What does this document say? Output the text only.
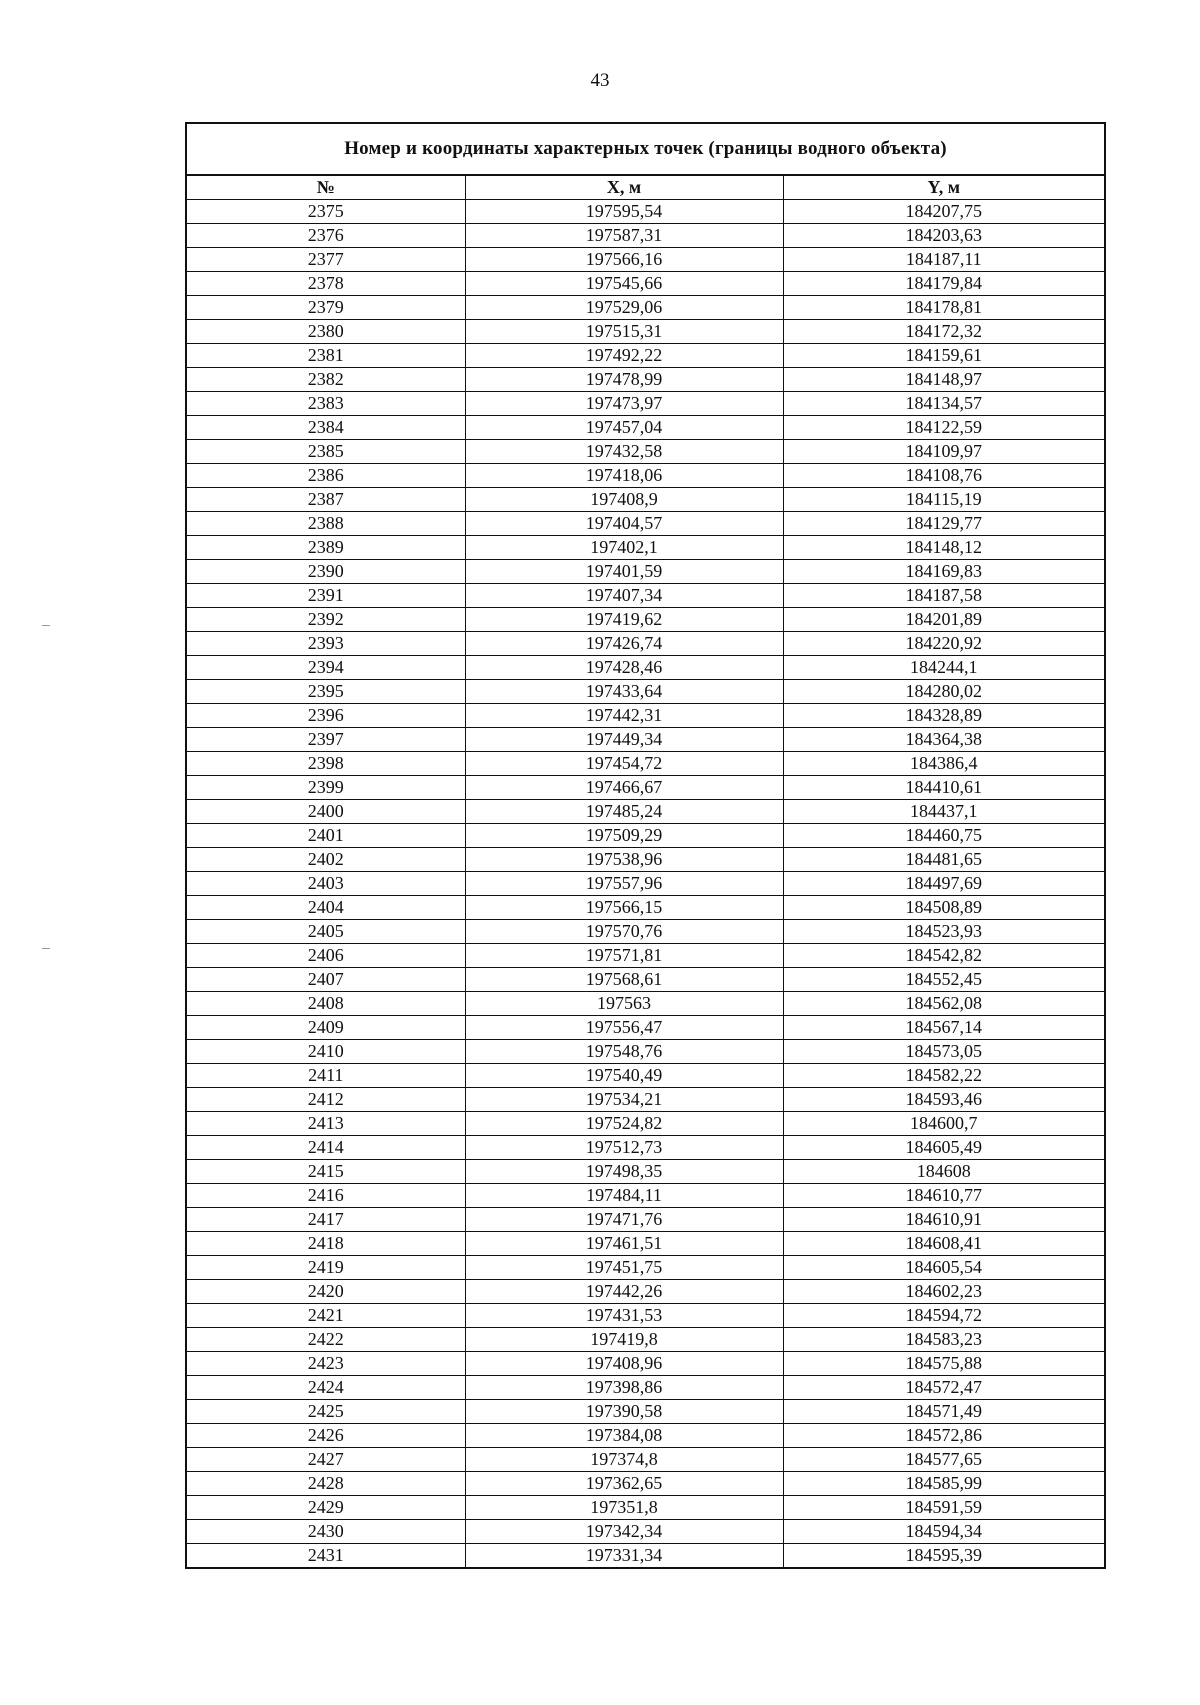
43
Номер и координаты характерных точек (границы водного объекта)
№	X, м	Y, м
2375	197595,54	184207,75
2376	197587,31	184203,63
2377	197566,16	184187,11
2378	197545,66	184179,84
2379	197529,06	184178,81
2380	197515,31	184172,32
2381	197492,22	184159,61
2382	197478,99	184148,97
2383	197473,97	184134,57
2384	197457,04	184122,59
2385	197432,58	184109,97
2386	197418,06	184108,76
2387	197408,9	184115,19
2388	197404,57	184129,77
2389	197402,1	184148,12
2390	197401,59	184169,83
2391	197407,34	184187,58
2392	197419,62	184201,89
2393	197426,74	184220,92
2394	197428,46	184244,1
2395	197433,64	184280,02
2396	197442,31	184328,89
2397	197449,34	184364,38
2398	197454,72	184386,4
2399	197466,67	184410,61
2400	197485,24	184437,1
2401	197509,29	184460,75
2402	197538,96	184481,65
2403	197557,96	184497,69
2404	197566,15	184508,89
2405	197570,76	184523,93
2406	197571,81	184542,82
2407	197568,61	184552,45
2408	197563	184562,08
2409	197556,47	184567,14
2410	197548,76	184573,05
2411	197540,49	184582,22
2412	197534,21	184593,46
2413	197524,82	184600,7
2414	197512,73	184605,49
2415	197498,35	184608
2416	197484,11	184610,77
2417	197471,76	184610,91
2418	197461,51	184608,41
2419	197451,75	184605,54
2420	197442,26	184602,23
2421	197431,53	184594,72
2422	197419,8	184583,23
2423	197408,96	184575,88
2424	197398,86	184572,47
2425	197390,58	184571,49
2426	197384,08	184572,86
2427	197374,8	184577,65
2428	197362,65	184585,99
2429	197351,8	184591,59
2430	197342,34	184594,34
2431	197331,34	184595,39
